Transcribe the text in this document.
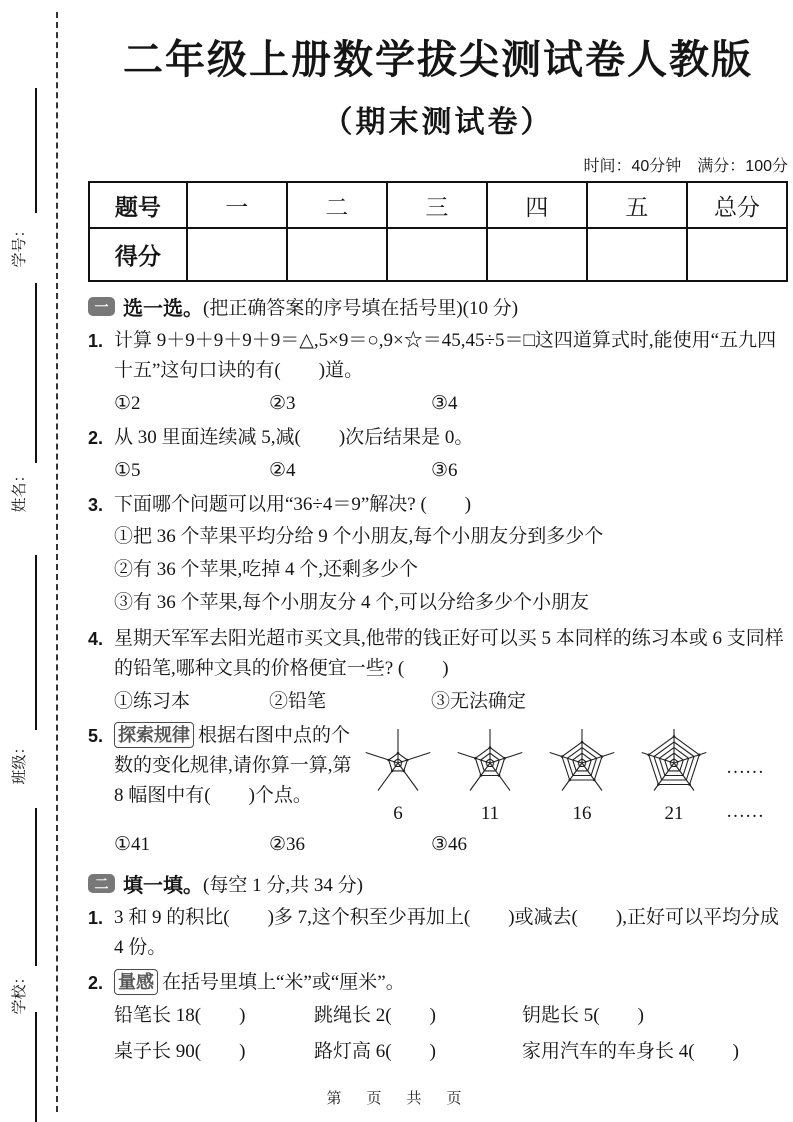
学号：
姓名：
班级：
学校：
二年级上册数学拔尖测试卷人教版
（期末测试卷）
时间：40分钟　满分：100分
题号	一	二	三	四	五	总分
得分						
一 选一选。 (把正确答案的序号填在括号里)(10 分)
1. 计算 9＋9＋9＋9＋9＝△,5×9＝○,9×☆＝45,45÷5＝□这四道算式时,能使用“五九四十五”这句口诀的有(　　)道。
①2	②3	③4
2. 从 30 里面连续减 5,减(　　)次后结果是 0。
①5	②4	③6
3. 下面哪个问题可以用“36÷4＝9”解决? (　　)
①把 36 个苹果平均分给 9 个小朋友,每个小朋友分到多少个
②有 36 个苹果,吃掉 4 个,还剩多少个
③有 36 个苹果,每个小朋友分 4 个,可以分给多少个小朋友
4. 星期天军军去阳光超市买文具,他带的钱正好可以买 5 本同样的练习本或 6 支同样的铅笔,哪种文具的价格便宜一些? (　　)
①练习本	②铅笔	③无法确定
5. 探索规律 根据右图中点的个数的变化规律,请你算一算,第 8 幅图中有(　　)个点。
6	11	16	21
……
……
①41	②36	③46
二 填一填。 (每空 1 分,共 34 分)
1. 3 和 9 的积比(　　)多 7,这个积至少再加上(　　)或减去(　　),正好可以平均分成 4 份。
2. 量感 在括号里填上“米”或“厘米”。
铅笔长 18(　　)	跳绳长 2(　　)	钥匙长 5(　　)
桌子长 90(　　)	路灯高 6(　　)	家用汽车的车身长 4(　　)
第　页　共　页
